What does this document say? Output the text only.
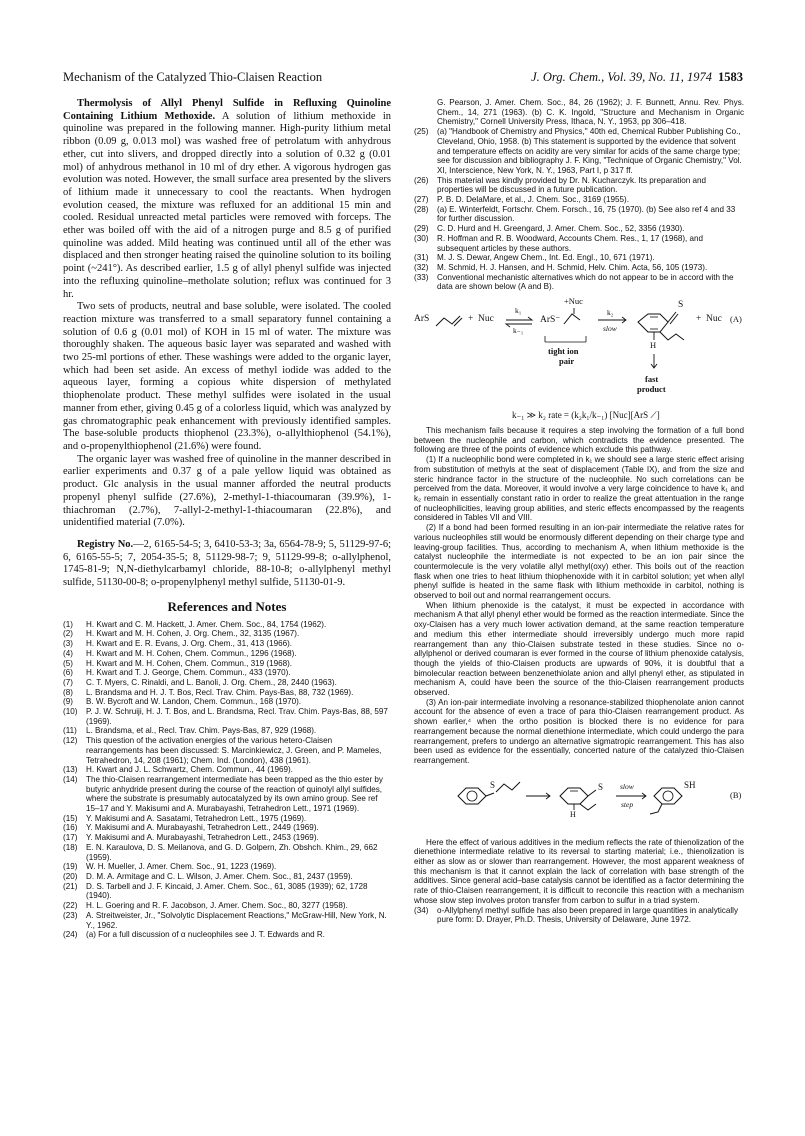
Mechanism of the Catalyzed Thio-Claisen Reaction	J. Org. Chem., Vol. 39, No. 11, 1974 1583

Thermolysis of Allyl Phenyl Sulfide in Refluxing Quinoline Containing Lithium Methoxide. A solution of lithium methoxide in quinoline was prepared in the following manner. High-purity lithium metal ribbon (0.09 g, 0.013 mol) was washed free of petrolatum with anhydrous ether, cut into slivers, and dropped directly into a solution of 0.32 g (0.01 mol) of anhydrous methanol in 10 ml of dry ether. A vigorous hydrogen gas evolution was noted. However, the small surface area presented by the slivers of lithium made it unnecessary to cool the reactants. When hydrogen evolution ceased, the mixture was refluxed for an additional 15 min and cooled. Residual unreacted metal particles were removed with forceps. The ether was boiled off with the aid of a nitrogen purge and 8.5 g of purified quinoline was added. Mild heating was continued until all of the ether was displaced and then stronger heating raised the quinoline solution to its boiling point (~241°). As described earlier, 1.5 g of allyl phenyl sulfide was injected into the refluxing quinoline–metholate solution; reflux was continued for 3 hr.

Two sets of products, neutral and base soluble, were isolated. The cooled reaction mixture was transferred to a small separatory funnel containing a solution of 0.6 g (0.01 mol) of KOH in 15 ml of water. The mixture was thoroughly shaken. The aqueous basic layer was separated and washed with two 25-ml portions of ether. These washings were added to the organic layer, which had been set aside. An excess of methyl iodide was added to the aqueous layer, forming a copious white dispersion of methylated thiophenolate product. These methyl sulfides were isolated in the usual manner from ether, giving 0.45 g of a colorless liquid, which was analyzed by gas chromatographic peak enhancement with previously identified samples. The base-soluble products thiophenol (23.3%), o-allylthiophenol (54.1%), and o-propenylthiophenol (21.6%) were found.

The organic layer was washed free of quinoline in the manner described in earlier experiments and 0.37 g of a pale yellow liquid was obtained as product. Glc analysis in the usual manner afforded the neutral products propenyl phenyl sulfide (27.6%), 2-methyl-1-thiacoumaran (39.9%), 1-thiachroman (2.7%), 7-allyl-2-methyl-1-thiacoumaran (22.8%), and unidentified material (7.0%).

Registry No.—2, 6165-54-5; 3, 6410-53-3; 3a, 6564-78-9; 5, 51129-97-6; 6, 6165-55-5; 7, 2054-35-5; 8, 51129-98-7; 9, 51129-99-8; o-allylphenol, 1745-81-9; N,N-diethylcarbamyl chloride, 88-10-8; o-allylphenyl methyl sulfide, 51130-00-8; o-propenylphenyl methyl sulfide, 51130-01-9.

References and Notes
(1)	H. Kwart and C. M. Hackett, J. Amer. Chem. Soc., 84, 1754 (1962).
(2)	H. Kwart and M. H. Cohen, J. Org. Chem., 32, 3135 (1967).
(3)	H. Kwart and E. R. Evans, J. Org. Chem., 31, 413 (1966).
(4)	H. Kwart and M. H. Cohen, Chem. Commun., 1296 (1968).
(5)	H. Kwart and M. H. Cohen, Chem. Commun., 319 (1968).
(6)	H. Kwart and T. J. George, Chem. Commun., 433 (1970).
(7)	C. T. Myers, C. Rinaldi, and L. Banoli, J. Org. Chem., 28, 2440 (1963).
(8)	L. Brandsma and H. J. T. Bos, Recl. Trav. Chim. Pays-Bas, 88, 732 (1969).
(9)	B. W. Bycroft and W. Landon, Chem. Commun., 168 (1970).
(10)	P. J. W. Schruiji, H. J. T. Bos, and L. Brandsma, Recl. Trav. Chim. Pays-Bas, 88, 597 (1969).
(11)	L. Brandsma, et al., Recl. Trav. Chim. Pays-Bas, 87, 929 (1968).
(12)	This question of the activation energies of the various hetero-Claisen rearrangements has been discussed: S. Marcinkiewicz, J. Green, and P. Mameles, Tetrahedron, 14, 208 (1961); Chem. Ind. (London), 438 (1961).
(13)	H. Kwart and J. L. Schwartz, Chem. Commun., 44 (1969).
(14)	The thio-Claisen rearrangement intermediate has been trapped as the thio ester by butyric anhydride present during the course of the reaction of quinolyl allyl sulfides, where the substrate is presumably autocatalyzed by its own amino group. See ref 15–17 and Y. Makisumi and A. Murabayashi, Tetrahedron Lett., 1971 (1969).
(15)	Y. Makisumi and A. Sasatami, Tetrahedron Lett., 1975 (1969).
(16)	Y. Makisumi and A. Murabayashi, Tetrahedron Lett., 2449 (1969).
(17)	Y. Makisumi and A. Murabayashi, Tetrahedron Lett., 2453 (1969).
(18)	E. N. Karaulova, D. S. Meilanova, and G. D. Golpern, Zh. Obshch. Khim., 29, 662 (1959).
(19)	W. H. Mueller, J. Amer. Chem. Soc., 91, 1223 (1969).
(20)	D. M. A. Armitage and C. L. Wilson, J. Amer. Chem. Soc., 81, 2437 (1959).
(21)	D. S. Tarbell and J. F. Kincaid, J. Amer. Chem. Soc., 61, 3085 (1939); 62, 1728 (1940).
(22)	H. L. Goering and R. F. Jacobson, J. Amer. Chem. Soc., 80, 3277 (1958).
(23)	A. Streitweister, Jr., "Solvolytic Displacement Reactions," McGraw-Hill, New York, N. Y., 1962.
(24)	(a) For a full discussion of α nucleophiles see J. T. Edwards and R.

G. Pearson, J. Amer. Chem. Soc., 84, 26 (1962); J. F. Bunnett, Annu. Rev. Phys. Chem., 14, 271 (1963). (b) C. K. Ingold, "Structure and Mechanism in Organic Chemistry," Cornell University Press, Ithaca, N. Y., 1953, pp 306–418.

(25)	(a) "Handbook of Chemistry and Physics," 40th ed, Chemical Rubber Publishing Co., Cleveland, Ohio, 1958. (b) This statement is supported by the evidence that solvent and temperature effects on acidity are very similar for acids of the same charge type; see for discussion and bibliography J. F. King, "Technique of Organic Chemistry," Vol. XI, Interscience, New York, N. Y., 1963, Part I, p 317 ff.
(26)	This material was kindly provided by Dr. N. Kucharczyk. Its preparation and properties will be discussed in a future publication.
(27)	P. B. D. DelaMare, et al., J. Chem. Soc., 3169 (1955).
(28)	(a) E. Winterfeldt, Fortschr. Chem. Forsch., 16, 75 (1970). (b) See also ref 4 and 33 for further discussion.
(29)	C. D. Hurd and H. Greengard, J. Amer. Chem. Soc., 52, 3356 (1930).
(30)	R. Hoffman and R. B. Woodward, Accounts Chem. Res., 1, 17 (1968), and subsequent articles by these authors.
(31)	M. J. S. Dewar, Angew Chem., Int. Ed. Engl., 10, 671 (1971).
(32)	M. Schmid, H. J. Hansen, and H. Schmid, Helv. Chim. Acta, 56, 105 (1973).
(33)	Conventional mechanistic alternatives which do not appear to be in accord with the data are shown below (A and B).
ArS	+ Nuc
k₁
k₋₁
ArS⁻
+Nuc
k₂
slow
S
H
+ Nuc (A)
tight ion
pair
fast
product
k₋₁ ≫ k₂ rate = (k₂k₁/k₋₁) [Nuc][ArS ⟋]

This mechanism fails because it requires a step involving the formation of a full bond between the nucleophile and carbon, which contradicts the evidence presented. The following are three of the points of evidence which exclude this pathway.

(1) If a nucleophilic bond were completed in k₁ we should see a large steric effect arising from substitution of methyls at the seat of displacement (Table IX), and from the size and steric hindrance factor in the structure of the nucleophile. No such correlations can be perceived from the data. Moreover, it would involve a very large coincidence to have k₁ and k₂ remain in essentially constant ratio in order to realize the great attentuation in the range of nucleophilicities, leaving group abilities, and steric effects encompassed by the reagents considered in Tables VII and VIII.

(2) If a bond had been formed resulting in an ion-pair intermediate the relative rates for various nucleophiles still would be enormously different depending on their charge type and leaving-group facilities. Thus, according to mechanism A, when lithium methoxide is the catalyst nucleophile the intermediate is not expected to be an ion pair since the countermolecule is the very volatile allyl methyl(oxy) ether. This boils out of the reaction flask when one tries to heat lithium thiophenoxide with it in carbitol solution; yet when allyl phenyl sulfide is heated in the same flask with lithium methoxide in carbitol, nothing is observed to boil out and normal rearrangement occurs.

When lithium phenoxide is the catalyst, it must be expected in accordance with mechanism A that allyl phenyl ether would be formed as the reaction intermediate. Since the oxy-Claisen has a very much lower activation demand, at the same reaction temperature and medium this ether intermediate should irreversibly undergo much more rapid rearrangement than any thio-Claisen substrate tested in these studies. Since no o-allylphenol or derived coumaran is ever formed in the course of lithium phenoxide catalysis, though the yields of thio-Claisen products are upwards of 90%, it is doubtful that a bimolecular reaction between benzenethiolate anion and allyl phenyl ether, as stipulated in mechanism A, could have been the source of the thio-Claisen rearrangement products observed.

(3) An ion-pair intermediate involving a resonance-stabilized thiophenolate anion cannot account for the absence of even a trace of para thio-Claisen rearrangement product. As shown earlier,⁴ when the ortho position is blocked there is no evidence for para rearrangement because the normal dienethione intermediate, which could undergo the para rearrangement, prefers to undergo an alternative sigmatropic rearrangement. This has also been used as evidence for the essentially, concerted nature of the catalyzed thio-Claisen rearrangement.

S	S
H
slow
step
SH
(B)

Here the effect of various additives in the medium reflects the rate of thienolization of the dienethione intermediate relative to its reversal to starting material; i.e., thienolization is either as slow as or slower than rearrangement. However, the most apparent weakness of this mechanism is that it cannot explain the lack of correlation with base strength of the additives. Since general acid–base catalysis cannot be identified as a factor determining the rate of thio-Claisen rearrangement, it is difficult to reconcile this reaction with a mechanism whose slow step involves proton transfer from carbon to sulfur in a triad system.

(34)	o-Allylphenyl methyl sulfide has also been prepared in large quantities in analytically pure form: D. Drayer, Ph.D. Thesis, University of Delaware, June 1972.
